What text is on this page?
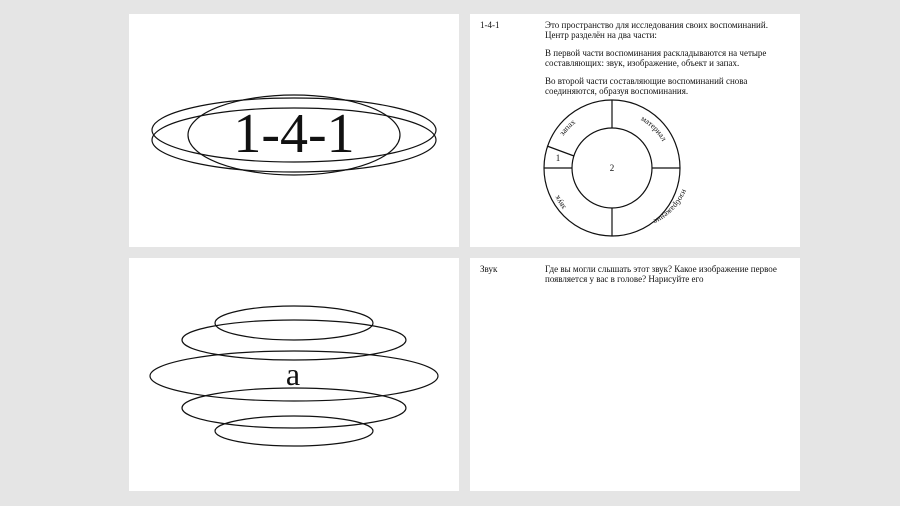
1-4-1
1-4-1	Это пространство для исследования своих воспоминаний. Центр разделён на два части:

В первой части воспоминания раскладываются на четыре составляющих: звук, изображение, объект и запах.

Во второй части составляющие воспоминаний снова соединяются, образуя воспоминания.

1
2
запах	материал
изображение
звук
а
Звук	Где вы могли слышать этот звук? Какое изображение первое появляется у вас в голове? Нарисуйте его
